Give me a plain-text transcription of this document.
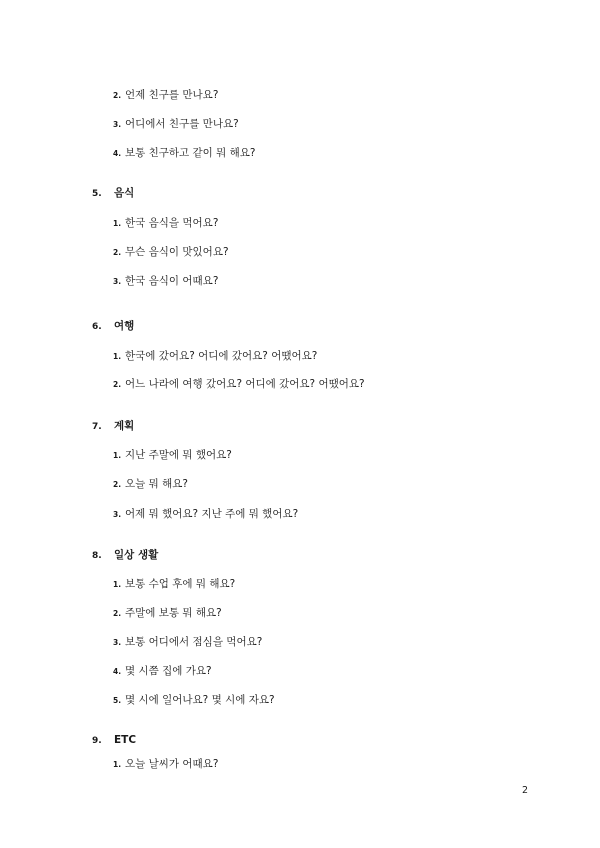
2. 언제 친구를 만나요?
3. 어디에서 친구를 만나요?
4. 보통 친구하고 같이 뭐 해요?
5. 음식
1. 한국 음식을 먹어요?
2. 무슨 음식이 맛있어요?
3. 한국 음식이 어때요?
6. 여행
1. 한국에 갔어요? 어디에 갔어요? 어땠어요?
2. 어느 나라에 여행 갔어요? 어디에 갔어요? 어땠어요?
7. 계획
1. 지난 주말에 뭐 했어요?
2. 오늘 뭐 해요?
3. 어제 뭐 했어요? 지난 주에 뭐 했어요?
8. 일상 생활
1. 보통 수업 후에 뭐 해요?
2. 주말에 보통 뭐 해요?
3. 보통 어디에서 점심을 먹어요?
4. 몇 시쯤 집에 가요?
5. 몇 시에 일어나요? 몇 시에 자요?
9. ETC
1. 오늘 날씨가 어때요?
2
